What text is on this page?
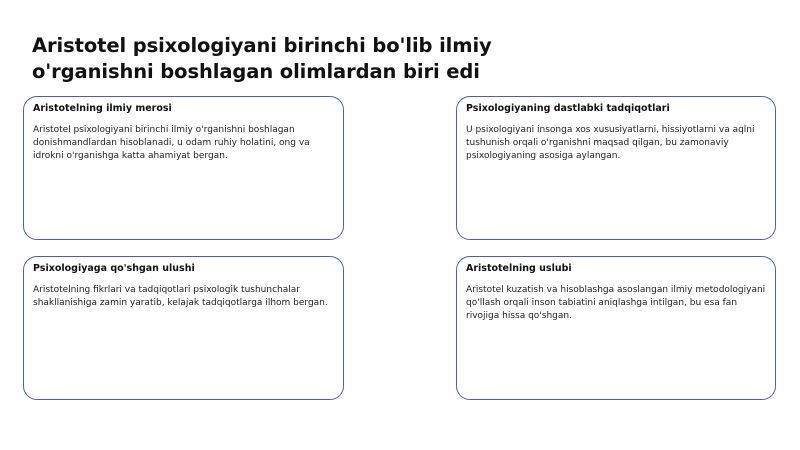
Aristotel psixologiyani birinchi bo'lib ilmiy o'rganishni boshlagan olimlardan biri edi

Aristotelning ilmiy merosi

Aristotel psixologiyani birinchi ilmiy o'rganishni boshlagan donishmandlardan hisoblanadi, u odam ruhiy holatini, ong va idrokni o'rganishga katta ahamiyat bergan.

Psixologiyaning dastlabki tadqiqotlari

U psixologiyani insonga xos xususiyatlarni, hissiyotlarni va aqlni tushunish orqali o'rganishni maqsad qilgan, bu zamonaviy psixologiyaning asosiga aylangan.

Psixologiyaga qo'shgan ulushi

Aristotelning fikrlari va tadqiqotlari psixologik tushunchalar shakllanishiga zamin yaratib, kelajak tadqiqotlarga ilhom bergan.

Aristotelning uslubi

Aristotel kuzatish va hisoblashga asoslangan ilmiy metodologiyani qo'llash orqali inson tabiatini aniqlashga intilgan, bu esa fan rivojiga hissa qo'shgan.
